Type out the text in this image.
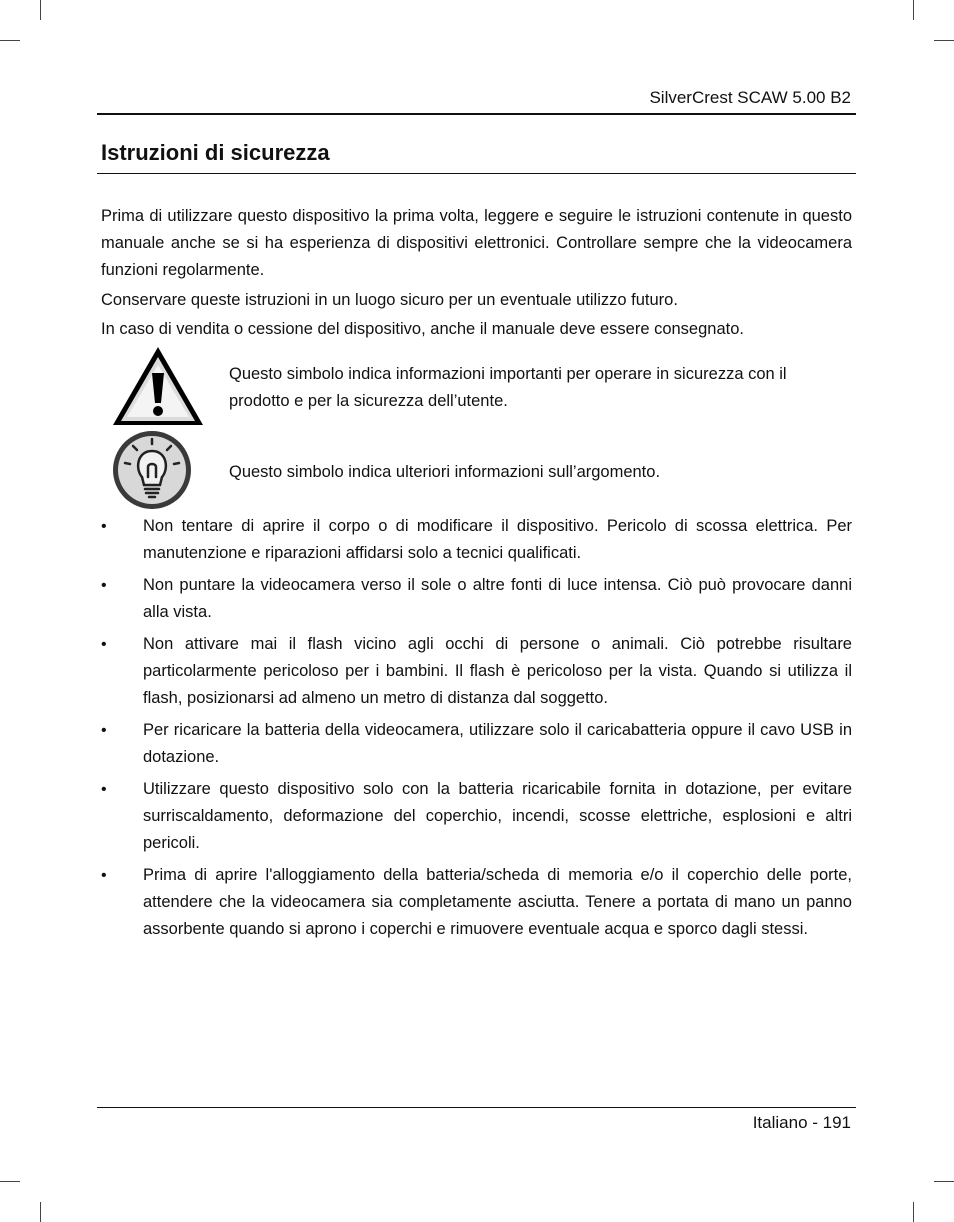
SilverCrest SCAW 5.00 B2
Istruzioni di sicurezza
Prima di utilizzare questo dispositivo la prima volta, leggere e seguire le istruzioni contenute in questo manuale anche se si ha esperienza di dispositivi elettronici. Controllare sempre che la videocamera funzioni regolarmente.
Conservare queste istruzioni in un luogo sicuro per un eventuale utilizzo futuro.
In caso di vendita o cessione del dispositivo, anche il manuale deve essere consegnato.
Questo simbolo indica informazioni importanti per operare in sicurezza con il prodotto e per la sicurezza dell’utente.
Questo simbolo indica ulteriori informazioni sull’argomento.
• Non tentare di aprire il corpo o di modificare il dispositivo. Pericolo di scossa elettrica. Per manutenzione e riparazioni affidarsi solo a tecnici qualificati.
• Non puntare la videocamera verso il sole o altre fonti di luce intensa. Ciò può provocare danni alla vista.
• Non attivare mai il flash vicino agli occhi di persone o animali. Ciò potrebbe risultare particolarmente pericoloso per i bambini. Il flash è pericoloso per la vista. Quando si utilizza il flash, posizionarsi ad almeno un metro di distanza dal soggetto.
• Per ricaricare la batteria della videocamera, utilizzare solo il caricabatteria oppure il cavo USB in dotazione.
• Utilizzare questo dispositivo solo con la batteria ricaricabile fornita in dotazione, per evitare surriscaldamento, deformazione del coperchio, incendi, scosse elettriche, esplosioni e altri pericoli.
• Prima di aprire l'alloggiamento della batteria/scheda di memoria e/o il coperchio delle porte, attendere che la videocamera sia completamente asciutta. Tenere a portata di mano un panno assorbente quando si aprono i coperchi e rimuovere eventuale acqua e sporco dagli stessi.
Italiano - 191
